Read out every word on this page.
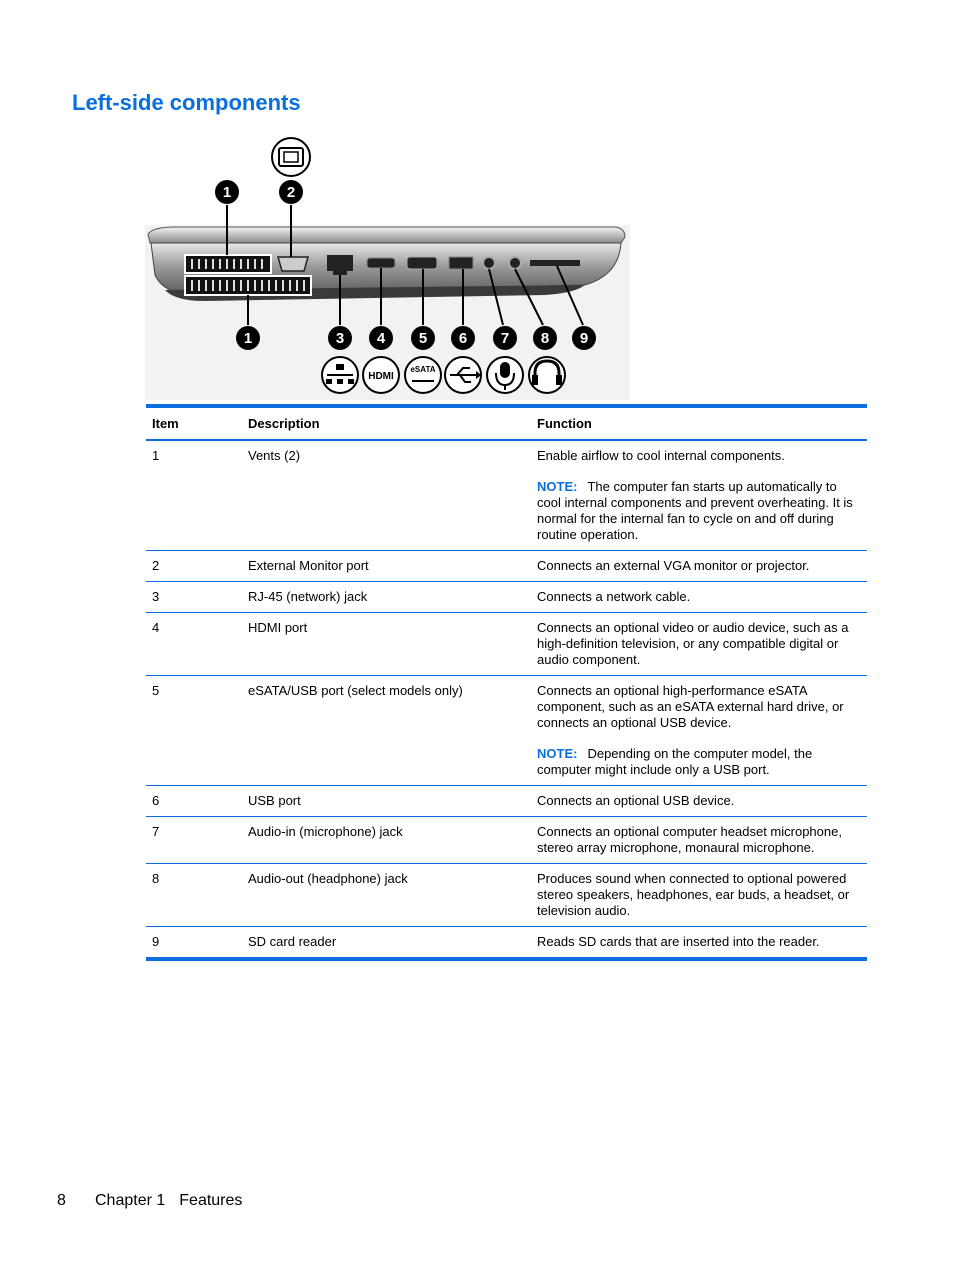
Left-side components
1	2
1	3 4 5 6 7 8 9
HDMI
eSATA
Item	Description	Function
1	Vents (2)	Enable airflow to cool internal components.
NOTE: The computer fan starts up automatically to cool internal components and prevent overheating. It is normal for the internal fan to cycle on and off during routine operation.

2	External Monitor port	Connects an external VGA monitor or projector.
3	RJ-45 (network) jack	Connects a network cable.
4	HDMI port	Connects an optional video or audio device, such as a high-definition television, or any compatible digital or audio component.
5	eSATA/USB port (select models only)	Connects an optional high-performance eSATA component, such as an eSATA external hard drive, or connects an optional USB device.
NOTE: Depending on the computer model, the computer might include only a USB port.

6	USB port	Connects an optional USB device.
7	Audio-in (microphone) jack	Connects an optional computer headset microphone, stereo array microphone, monaural microphone.
8	Audio-out (headphone) jack	Produces sound when connected to optional powered stereo speakers, headphones, ear buds, a headset, or television audio.
9	SD card reader	Reads SD cards that are inserted into the reader.
8 Chapter 1 Features
